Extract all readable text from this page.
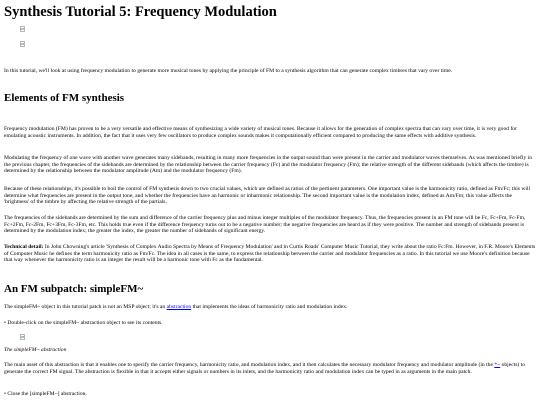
Synthesis Tutorial 5: Frequency Modulation

In this tutorial, we'll look at using frequency modulation to generate more musical tones by applying the principle of FM to a synthesis algorithm that can generate complex timbres that vary over time.

Elements of FM synthesis

Frequency modulation (FM) has proven to be a very versatile and effective means of synthesizing a wide variety of musical tones. Because it allows for the generation of complex spectra that can vary over time, it is very good for emulating acoustic instruments. In addition, the fact that it uses very few oscillators to produce complex sounds makes it computationally efficient compared to producing the same effects with additive synthesis.

Modulating the frequency of one wave with another wave generates many sidebands, resulting in many more frequencies in the output sound than were present in the carrier and modulator waves themselves. As was mentioned briefly in the previous chapter, the frequencies of the sidebands are determined by the relationship between the carrier frequency (Fc) and the modulator frequency (Fm); the relative strength of the different sidebands (which affects the timbre) is determined by the relationship between the modulator amplitude (Am) and the modulator frequency (Fm).

Because of these relationships, it's possible to boil the control of FM synthesis down to two crucial values, which are defined as ratios of the pertinent parameters. One important value is the harmonicity ratio, defined as Fm/Fc; this will determine what frequencies are present in the output tone, and whether the frequencies have an harmonic or inharmonic relationship. The second important value is the modulation index, defined as Am/Fm; this value affects the 'brightness' of the timbre by affecting the relative strength of the partials.

The frequencies of the sidebands are determined by the sum and difference of the carrier frequency plus and minus integer multiples of the modulator frequency. Thus, the frequencies present in an FM tone will be Fc, Fc+Fm, Fc-Fm, Fc+2Fm, Fc-2Fm, Fc+3Fm, Fc-3Fm, etc. This holds true even if the difference frequency turns out to be a negative number; the negative frequencies are heard as if they were positive. The number and strength of sidebands present is determined by the modulation index; the greater the index, the greater the number of sidebands of significant energy.

Technical detail: In John Chowning's article 'Synthesis of Complex Audio Spectra by Means of Frequency Modulation' and in Curtis Roads' Computer Music Tutorial, they write about the ratio Fc:Fm. However, in F.R. Moore's Elements of Computer Music he defines the term harmonicity ratio as Fm/Fc. The idea in all cases is the same, to express the relationship between the carrier and modulator frequencies as a ratio. In this tutorial we use Moore's definition because that way whenever the harmonicity ratio is an integer the result will be a harmonic tone with Fc as the fundamental.

An FM subpatch: simpleFM~

The simpleFM~ object in this tutorial patch is not an MSP object; it's an abstraction that implements the ideas of harmonicity ratio and modulation index.

• Double-click on the simpleFM~ abstraction object to see its contents.

The simpleFM~ abstraction

The main asset of this abstraction is that it enables one to specify the carrier frequency, harmonicity ratio, and modulation index, and it then calculates the necessary modulator frequency and modulator amplitude (in the *~ objects) to generate the correct FM signal. The abstraction is flexible in that it accepts either signals or numbers in its inlets, and the harmonicity ratio and modulation index can be typed in as arguments in the main patch.

• Close the [simpleFM~] abstraction.
